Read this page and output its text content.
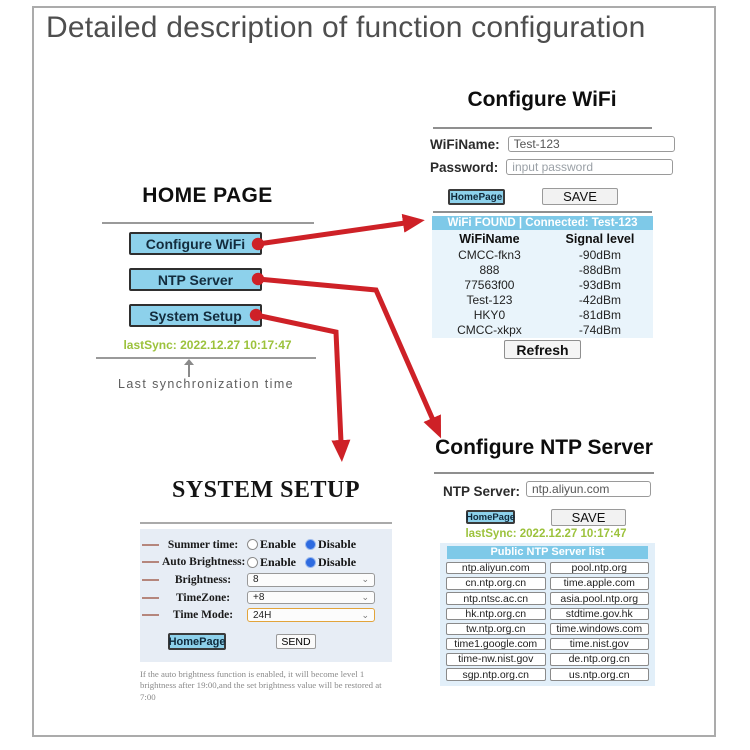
Detailed description of function configuration
HOME PAGE
Configure WiFi
NTP Server
System Setup
lastSync: 2022.12.27 10:17:47
Last synchronization time
Configure WiFi
WiFiName:
Test-123
Password:
input password
HomePage	SAVE
WiFi FOUND | Connected: Test-123
WiFiName	Signal level
CMCC-fkn3	-90dBm
888	-88dBm
77563f00	-93dBm
Test-123	-42dBm
HKY0	-81dBm
CMCC-xkpx	-74dBm
Refresh
Configure NTP Server
NTP Server:
ntp.aliyun.com
HomePage	SAVE
lastSync: 2022.12.27 10:17:47
Public NTP Server list
ntp.aliyun.com	pool.ntp.org
cn.ntp.org.cn	time.apple.com
ntp.ntsc.ac.cn	asia.pool.ntp.org
hk.ntp.org.cn	stdtime.gov.hk
tw.ntp.org.cn	time.windows.com
time1.google.com	time.nist.gov
time-nw.nist.gov	de.ntp.org.cn
sgp.ntp.org.cn	us.ntp.org.cn
SYSTEM SETUP
Summer time:	Enable Disable
Auto Brightness: Enable Disable
Brightness:	8	⌄
TimeZone:	+8	⌄
Time Mode:	24H	⌄
HomePage	SEND
If the auto brightness function is enabled, it will become level 1 brightness after 19:00,and the set brightness value will be restored at 7:00
